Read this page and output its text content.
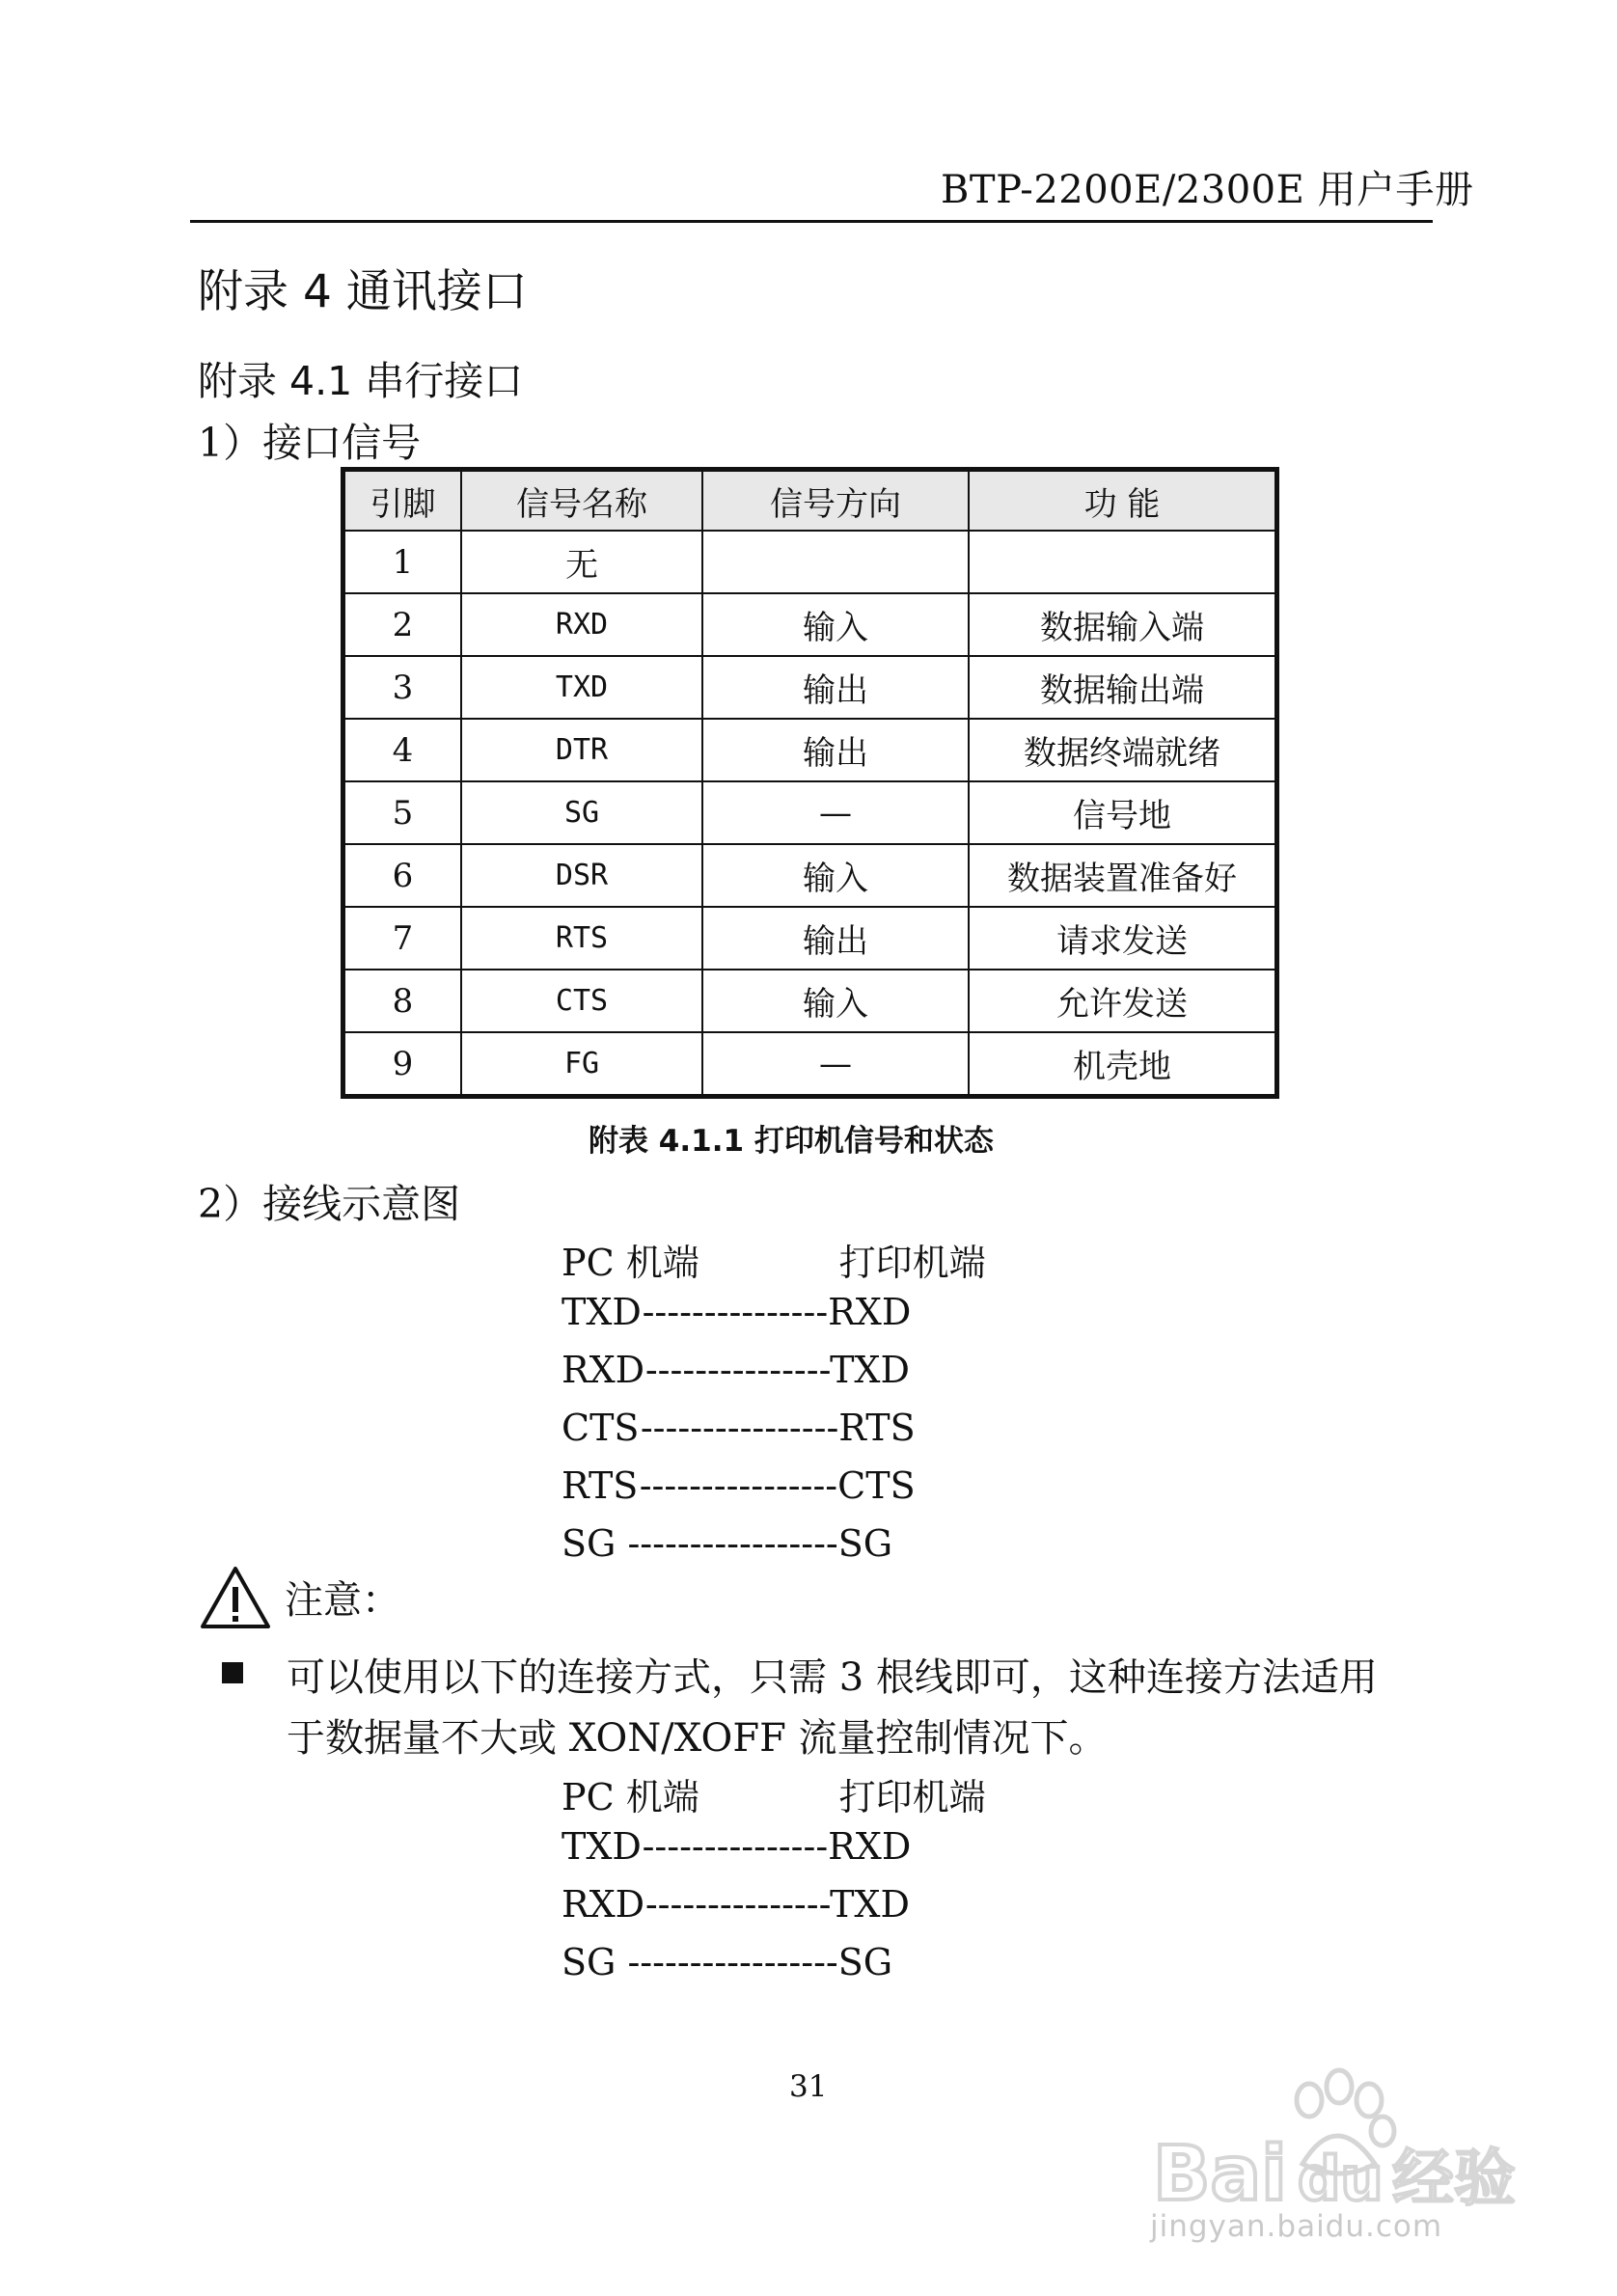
BTP-2200E/2300E 用户手册
附录 4 通讯接口
附录 4.1 串行接口
1）接口信号
引脚	信号名称	信号方向	功 能
1	无		
2	RXD	输入	数据输入端
3	TXD	输出	数据输出端
4	DTR	输出	数据终端就绪
5	SG	—	信号地
6	DSR	输入	数据装置准备好
7	RTS	输出	请求发送
8	CTS	输入	允许发送
9	FG	—	机壳地
附表 4.1.1 打印机信号和状态
2）接线示意图
PC 机端            打印机端
TXD---------------RXD
RXD---------------TXD
CTS----------------RTS
RTS----------------CTS
SG -----------------SG
注意：
可以使用以下的连接方式，只需 3 根线即可，这种连接方法适用
于数据量不大或 XON/XOFF 流量控制情况下。
PC 机端            打印机端
TXD---------------RXD
RXD---------------TXD
SG -----------------SG
31
Bai du 经验
jingyan.baidu.com
